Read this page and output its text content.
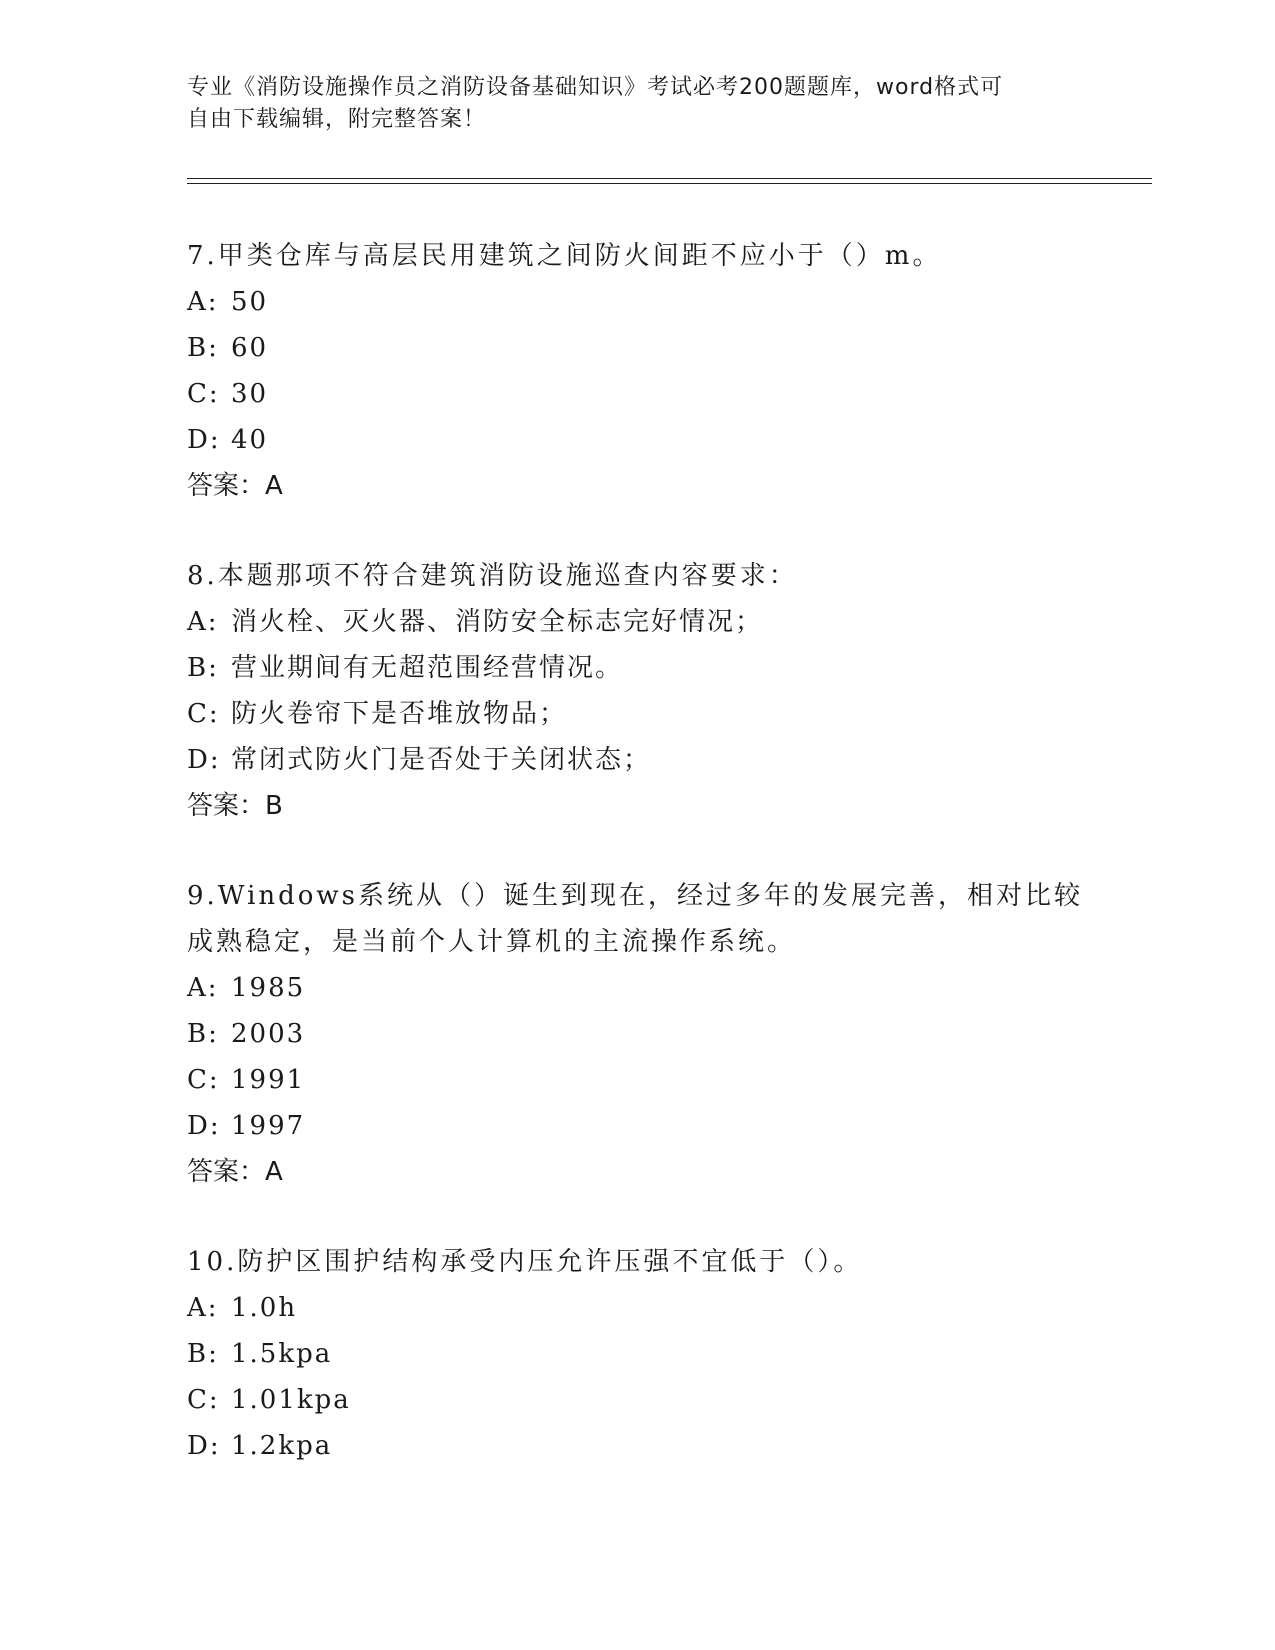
专业《消防设施操作员之消防设备基础知识》考试必考200题题库，word格式可
自由下载编辑，附完整答案！

7.甲类仓库与高层民用建筑之间防火间距不应小于（）m。

A: 50

B: 60

C: 30

D: 40

答案：A

8.本题那项不符合建筑消防设施巡查内容要求：

A: 消火栓、灭火器、消防安全标志完好情况；

B: 营业期间有无超范围经营情况。

C: 防火卷帘下是否堆放物品；

D: 常闭式防火门是否处于关闭状态；

答案：B

9.Windows系统从（）诞生到现在，经过多年的发展完善，相对比较成熟稳定，是当前个人计算机的主流操作系统。

A: 1985

B: 2003

C: 1991

D: 1997

答案：A

10.防护区围护结构承受内压允许压强不宜低于（）。

A: 1.0h

B: 1.5kpa

C: 1.01kpa

D: 1.2kpa
